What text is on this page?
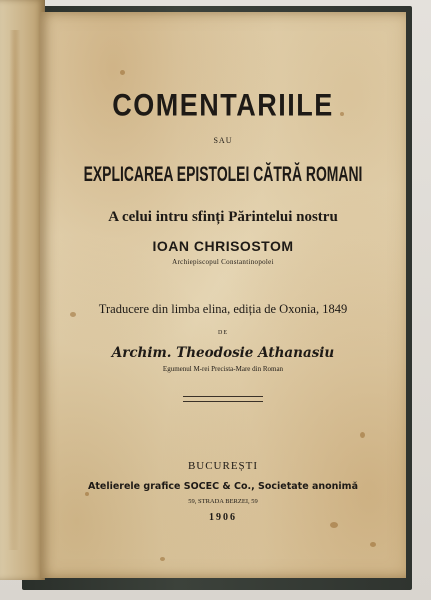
COMENTARIILE
SAU
EXPLICAREA EPISTOLEI CĂTRĂ ROMANI
A celui intru sfinți Părintelui nostru
IOAN CHRISOSTOM
Archiepiscopul Constantinopolei
Traducere din limba elina, ediția de Oxonia, 1849
DE
Archim. Theodosie Athanasiu
Egumenul M-rei Precista-Mare din Roman
BUCUREȘTI
Atelierele grafice SOCEC & Co., Societate anonimă
59, STRADA BERZEI, 59
1906
